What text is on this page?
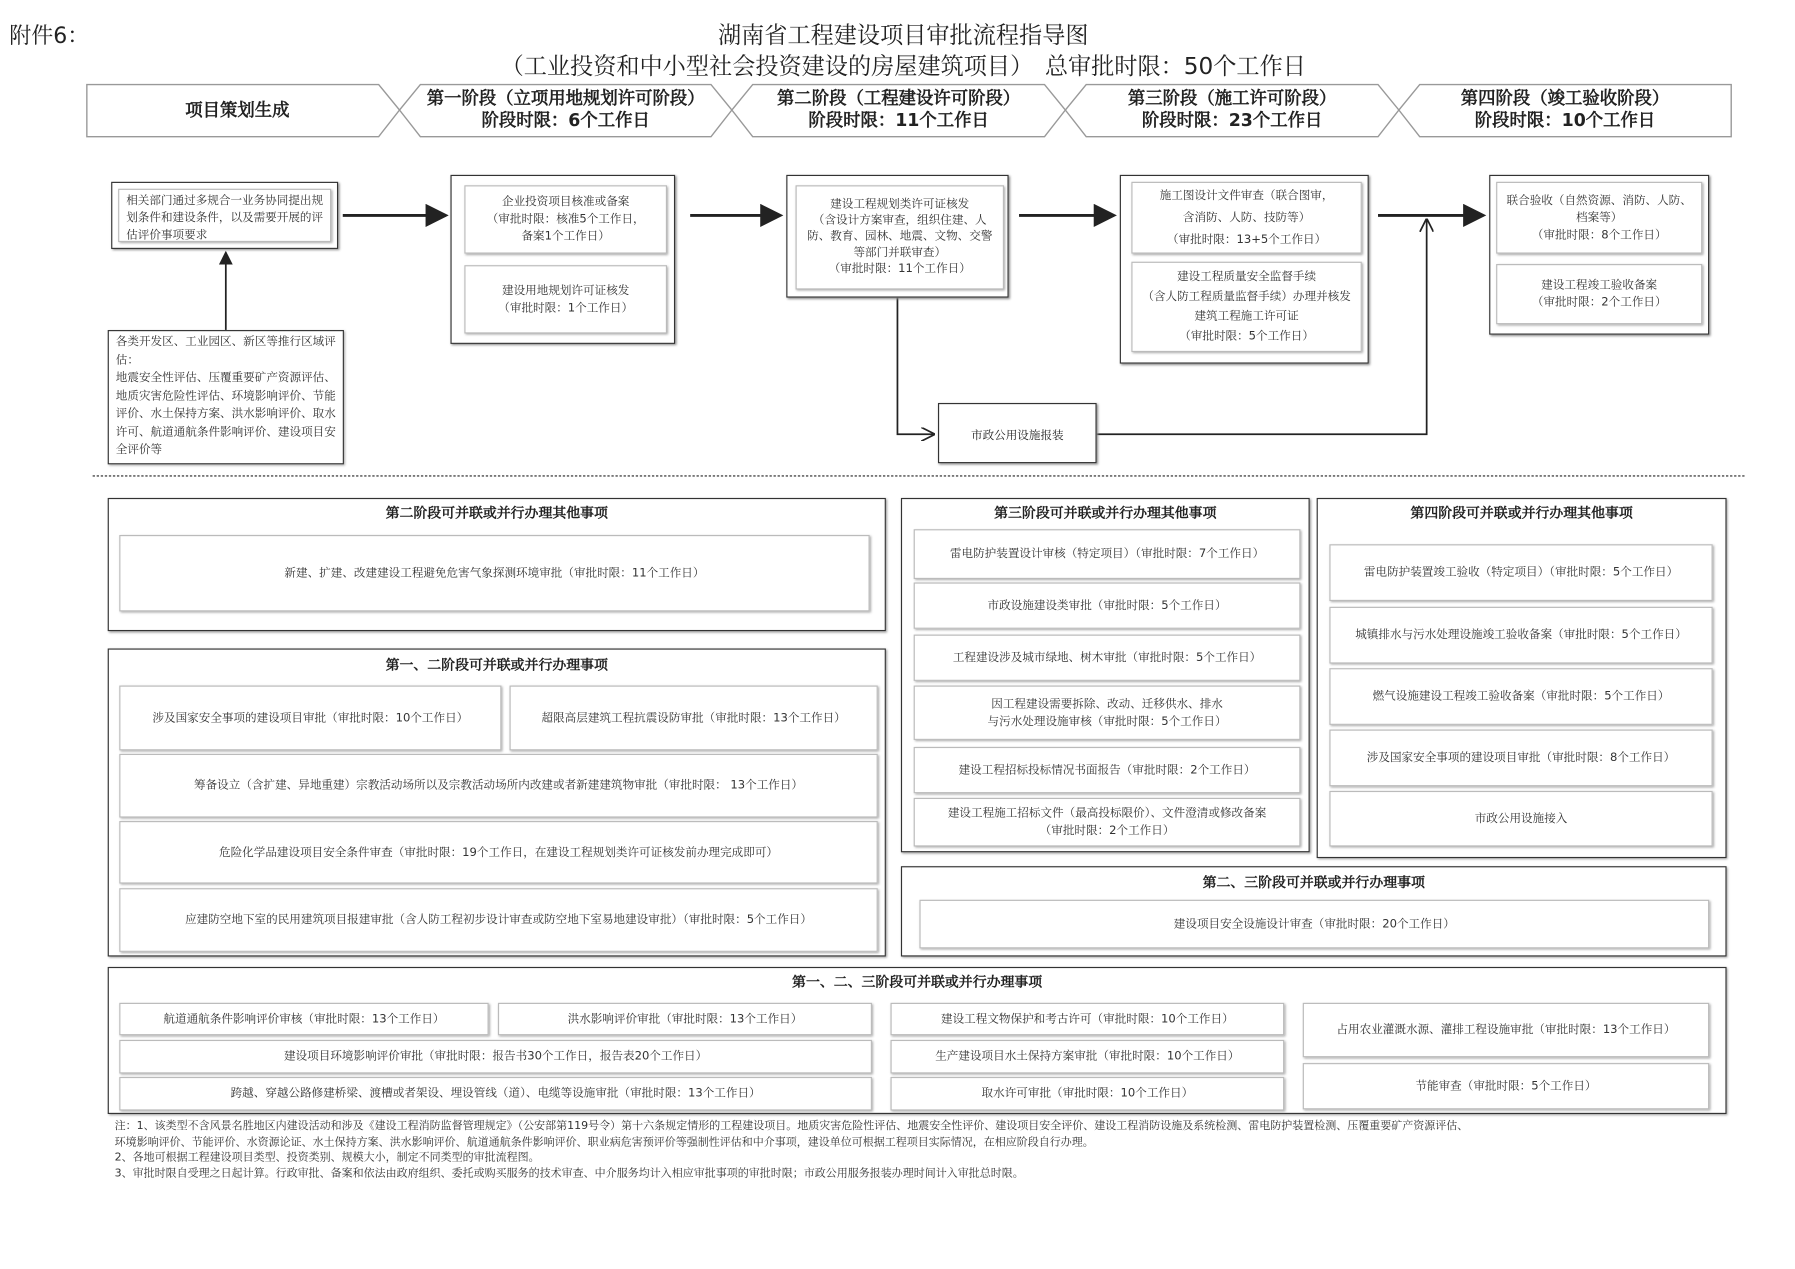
附件6：	湖南省工程建设项目审批流程指导图
（工业投资和中小型社会投资建设的房屋建筑项目）　总审批时限：50个工作日
项目策划生成
第一阶段（立项用地规划许可阶段）
阶段时限：6个工作日
第二阶段（工程建设许可阶段）
阶段时限：11个工作日
第三阶段（施工许可阶段）
阶段时限：23个工作日
第四阶段（竣工验收阶段）
阶段时限：10个工作日
相关部门通过多规合一业务协同提出规划条件和建设条件，以及需要开展的评估评价事项要求
各类开发区、工业园区、新区等推行区域评估：
地震安全性评估、压覆重要矿产资源评估、地质灾害危险性评估、环境影响评价、节能评价、水土保持方案、洪水影响评价、取水许可、航道通航条件影响评价、建设项目安全评价等
企业投资项目核准或备案
（审批时限：核准5个工作日，
备案1个工作日）
建设用地规划许可证核发
（审批时限：1个工作日）
建设工程规划类许可证核发
（含设计方案审查，组织住建、人防、教育、园林、地震、文物、交警等部门并联审查）
（审批时限：11个工作日）
施工图设计文件审查（联合图审，
含消防、人防、技防等）
（审批时限：13+5个工作日）
建设工程质量安全监督手续
（含人防工程质量监督手续）办理并核发建筑工程施工许可证
（审批时限：5个工作日）
联合验收（自然资源、消防、人防、档案等）
（审批时限：8个工作日）
建设工程竣工验收备案
（审批时限：2个工作日）
市政公用设施报装
第二阶段可并联或并行办理其他事项
新建、扩建、改建建设工程避免危害气象探测环境审批（审批时限：11个工作日）
第一、二阶段可并联或并行办理事项
涉及国家安全事项的建设项目审批（审批时限：10个工作日）	超限高层建筑工程抗震设防审批（审批时限：13个工作日）
筹备设立（含扩建、异地重建）宗教活动场所以及宗教活动场所内改建或者新建建筑物审批（审批时限： 13个工作日）
危险化学品建设项目安全条件审查（审批时限：19个工作日，在建设工程规划类许可证核发前办理完成即可）
应建防空地下室的民用建筑项目报建审批（含人防工程初步设计审查或防空地下室易地建设审批）（审批时限：5个工作日）
第三阶段可并联或并行办理其他事项
雷电防护装置设计审核（特定项目）（审批时限：7个工作日）
市政设施建设类审批（审批时限：5个工作日）
工程建设涉及城市绿地、树木审批（审批时限：5个工作日）
因工程建设需要拆除、改动、迁移供水、排水
与污水处理设施审核（审批时限：5个工作日）
建设工程招标投标情况书面报告（审批时限：2个工作日）
建设工程施工招标文件（最高投标限价）、文件澄清或修改备案
（审批时限：2个工作日）
第四阶段可并联或并行办理其他事项
雷电防护装置竣工验收（特定项目）（审批时限：5个工作日）
城镇排水与污水处理设施竣工验收备案（审批时限：5个工作日）
燃气设施建设工程竣工验收备案（审批时限：5个工作日）
涉及国家安全事项的建设项目审批（审批时限：8个工作日）
市政公用设施接入
第二、三阶段可并联或并行办理事项
建设项目安全设施设计审查（审批时限：20个工作日）
第一、二、三阶段可并联或并行办理事项
航道通航条件影响评价审核（审批时限：13个工作日）	洪水影响评价审批（审批时限：13个工作日）	建设工程文物保护和考古许可（审批时限：10个工作日）
占用农业灌溉水源、灌排工程设施审批（审批时限：13个工作日）
建设项目环境影响评价审批（审批时限：报告书30个工作日，报告表20个工作日）	生产建设项目水土保持方案审批（审批时限：10个工作日）
跨越、穿越公路修建桥梁、渡槽或者架设、埋设管线（道）、电缆等设施审批（审批时限：13个工作日）	取水许可审批（审批时限：10个工作日）
节能审查（审批时限：5个工作日）
注：1、该类型不含风景名胜地区内建设活动和涉及《建设工程消防监督管理规定》（公安部第119号令）第十六条规定情形的工程建设项目。地质灾害危险性评估、地震安全性评价、建设项目安全评价、建设工程消防设施及系统检测、雷电防护装置检测、压覆重要矿产资源评估、
环境影响评价、节能评价、水资源论证、水土保持方案、洪水影响评价、航道通航条件影响评价、职业病危害预评价等强制性评估和中介事项，建设单位可根据工程项目实际情况，在相应阶段自行办理。
2、各地可根据工程建设项目类型、投资类别、规模大小，制定不同类型的审批流程图。
3、审批时限自受理之日起计算。行政审批、备案和依法由政府组织、委托或购买服务的技术审查、中介服务均计入相应审批事项的审批时限；市政公用服务报装办理时间计入审批总时限。
